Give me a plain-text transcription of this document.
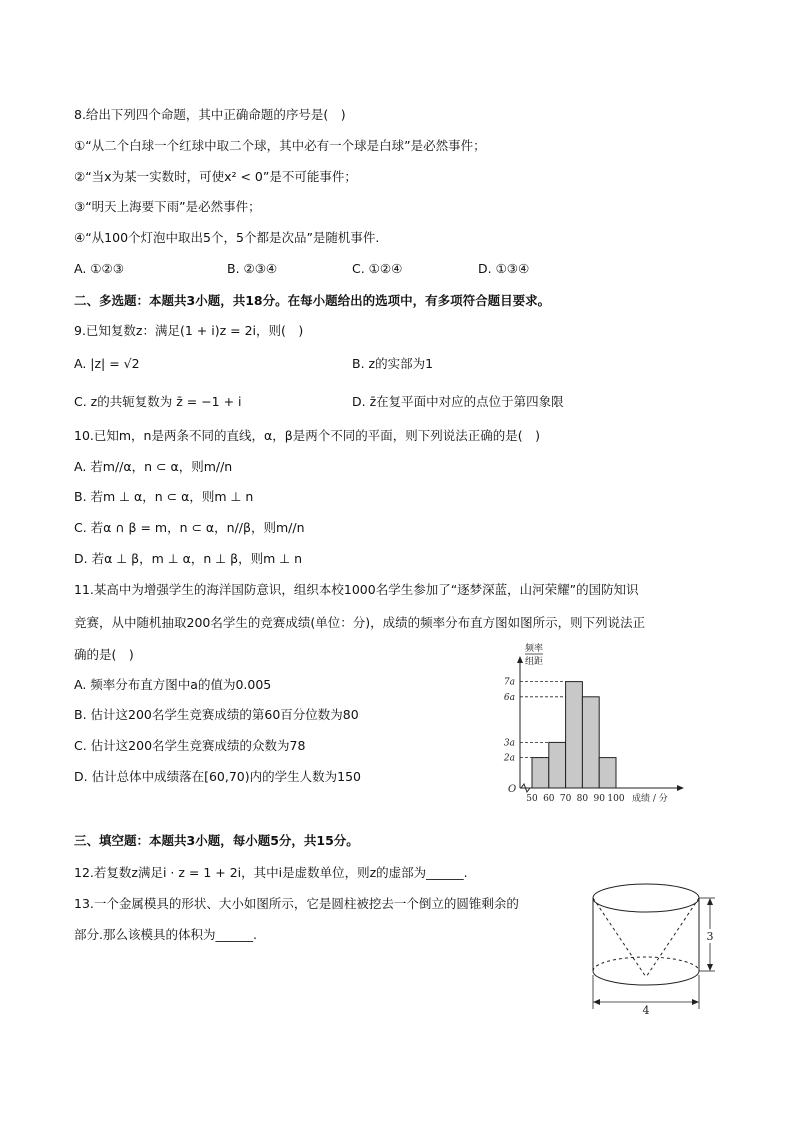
8.给出下列四个命题，其中正确命题的序号是(　)
①“从二个白球一个红球中取二个球，其中必有一个球是白球”是必然事件；
②“当x为某一实数时，可使x² < 0”是不可能事件；
③“明天上海要下雨”是必然事件；
④“从100个灯泡中取出5个，5个都是次品”是随机事件.
A. ①②③	B. ②③④	C. ①②④	D. ①③④
二、多选题：本题共3小题，共18分。在每小题给出的选项中，有多项符合题目要求。
9.已知复数z：满足(1 + i)z = 2i，则(　)
A. |z| = √2	B. z的实部为1
C. z的共轭复数为 z̄ = −1 + i	D. z̄在复平面中对应的点位于第四象限
10.已知m，n是两条不同的直线，α，β是两个不同的平面，则下列说法正确的是(　)
A. 若m//α，n ⊂ α，则m//n
B. 若m ⊥ α，n ⊂ α，则m ⊥ n
C. 若α ∩ β = m，n ⊂ α，n//β，则m//n
D. 若α ⊥ β，m ⊥ α，n ⊥ β，则m ⊥ n
11.某高中为增强学生的海洋国防意识，组织本校1000名学生参加了“逐梦深蓝，山河荣耀”的国防知识
竞赛，从中随机抽取200名学生的竞赛成绩(单位：分)，成绩的频率分布直方图如图所示，则下列说法正
确的是(　)
A. 频率分布直方图中a的值为0.005
B. 估计这200名学生竞赛成绩的第60百分位数为80
C. 估计这200名学生竞赛成绩的众数为78
D. 估计总体中成绩落在[60,70)内的学生人数为150
频率
组距
O
50 60 70 80 90 100
2a
3a
6a
7a
成绩 / 分
三、填空题：本题共3小题，每小题5分，共15分。
12.若复数z满足i · z = 1 + 2i，其中i是虚数单位，则z的虚部为______.
13.一个金属模具的形状、大小如图所示，它是圆柱被挖去一个倒立的圆锥剩余的
部分.那么该模具的体积为______.	3
4
